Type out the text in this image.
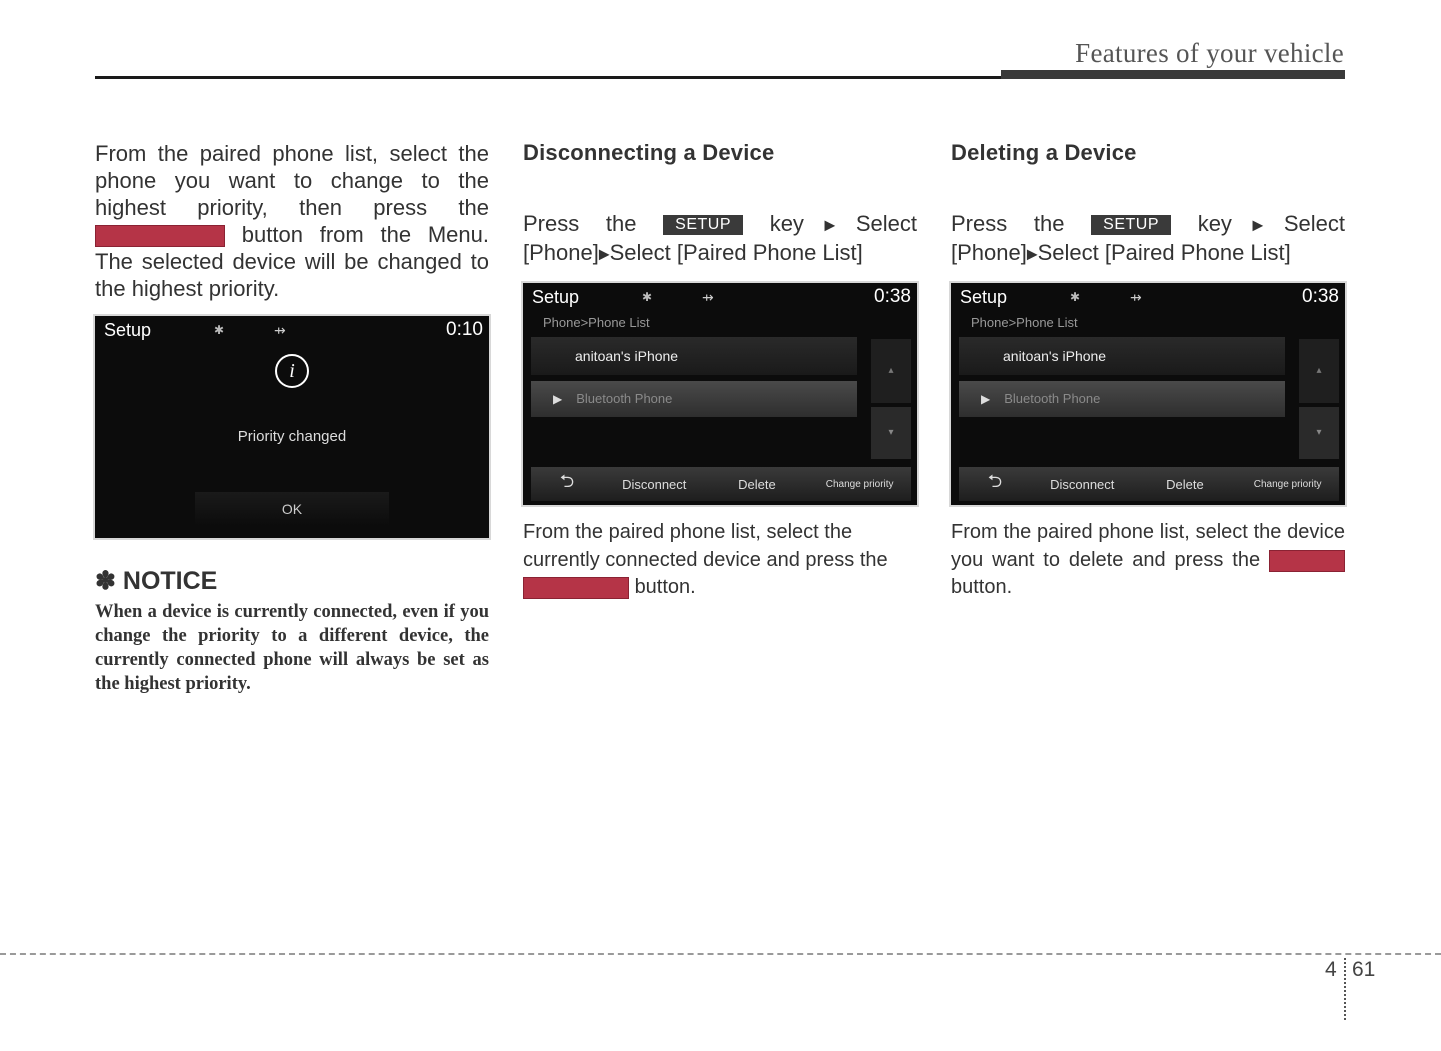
Features of your vehicle

From the paired phone list, select the phone you want to change to the highest priority, then press the  button from the Menu. The selected device will be changed to the highest priority.

Setup	✱	⇸	0:10
i
Priority changed
OK
✽ NOTICE

When a device is currently connected, even if you change the priority to a different device, the currently connected phone will always be set as the highest priority.

Disconnecting a Device

Press the SETUP key▶Select [Phone]▶Select [Paired Phone List]

Setup	✱	⇸	0:38
Phone>Phone List
anitoan's iPhone
▶ Bluetooth Phone
▴
▾
⮌	Disconnect	Delete	Change priority

From the paired phone list, select the currently connected device and press the  button.

Deleting a Device

Press the SETUP key▶Select [Phone]▶Select [Paired Phone List]

Setup	✱	⇸	0:38
Phone>Phone List
anitoan's iPhone
▶ Bluetooth Phone
▴
▾
⮌	Disconnect	Delete	Change priority

From the paired phone list, select the device you want to delete and press the  button.

4 61
